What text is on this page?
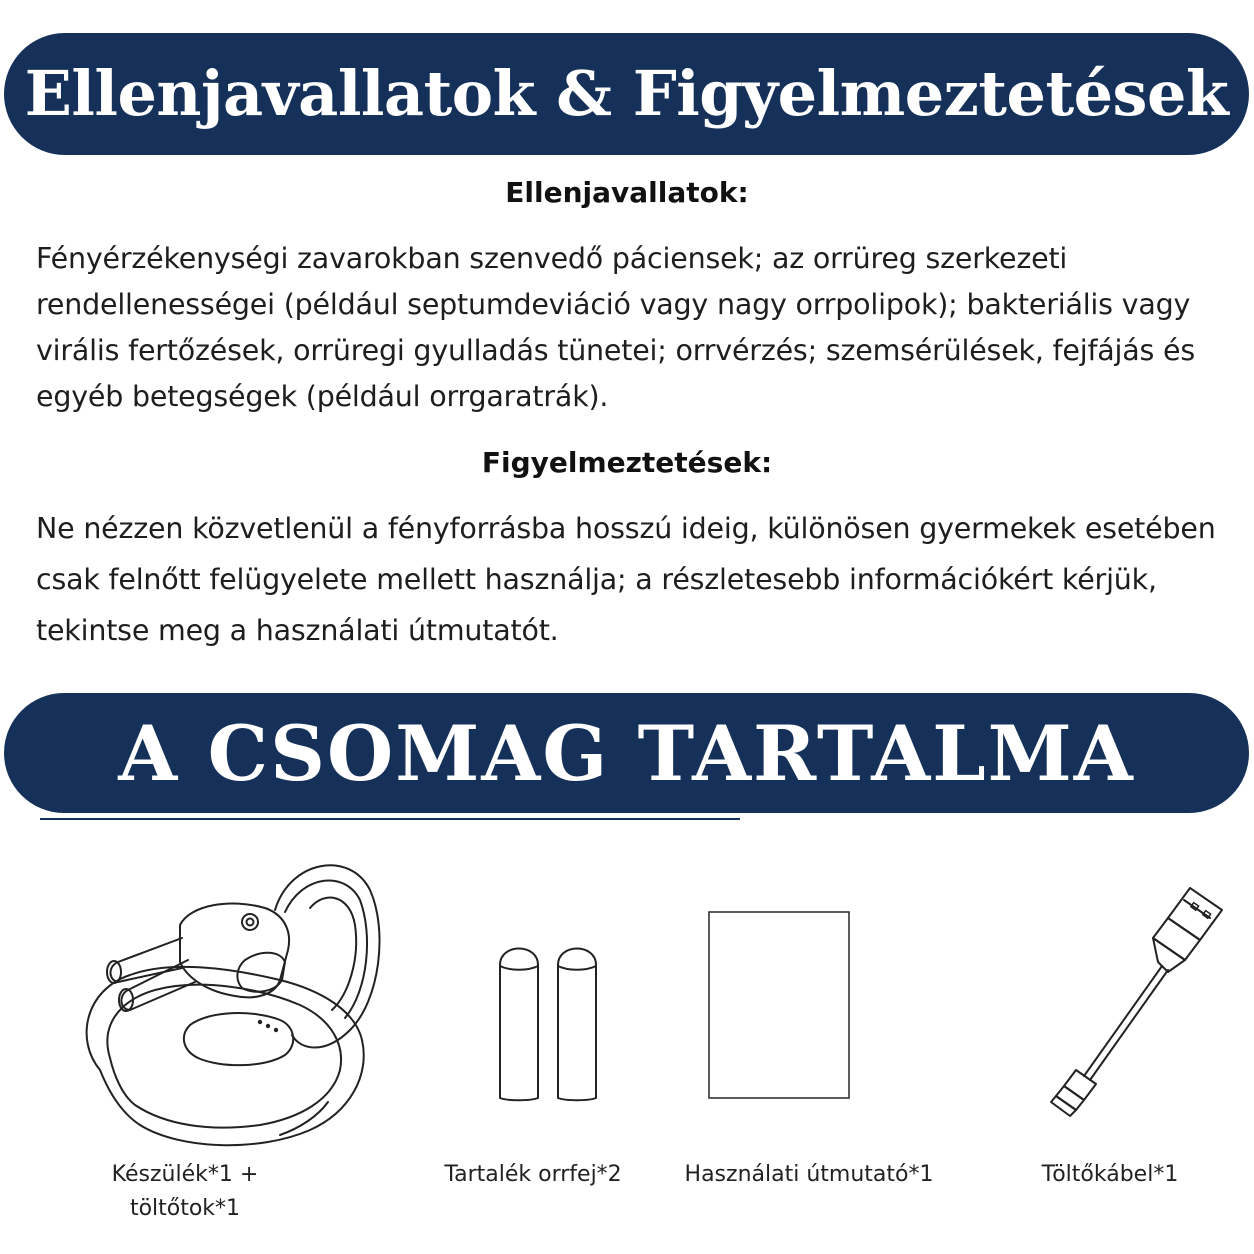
Ellenjavallatok & Figyelmeztetések
Ellenjavallatok:
Fényérzékenységi zavarokban szenvedő páciensek; az orrüreg szerkezeti rendellenességei (például septumdeviáció vagy nagy orrpolipok); bakteriális vagy virális fertőzések, orrüregi gyulladás tünetei; orrvérzés; szemsérülések, fejfájás és egyéb betegségek (például orrgaratrák).
Figyelmeztetések:
Ne nézzen közvetlenül a fényforrásba hosszú ideig, különösen gyermekek esetében csak felnőtt felügyelete mellett használja; a részletesebb információkért kérjük, tekintse meg a használati útmutatót.
A CSOMAG TARTALMA
Készülék*1 +
töltőtok*1
Tartalék orrfej*2	Használati útmutató*1	Töltőkábel*1
